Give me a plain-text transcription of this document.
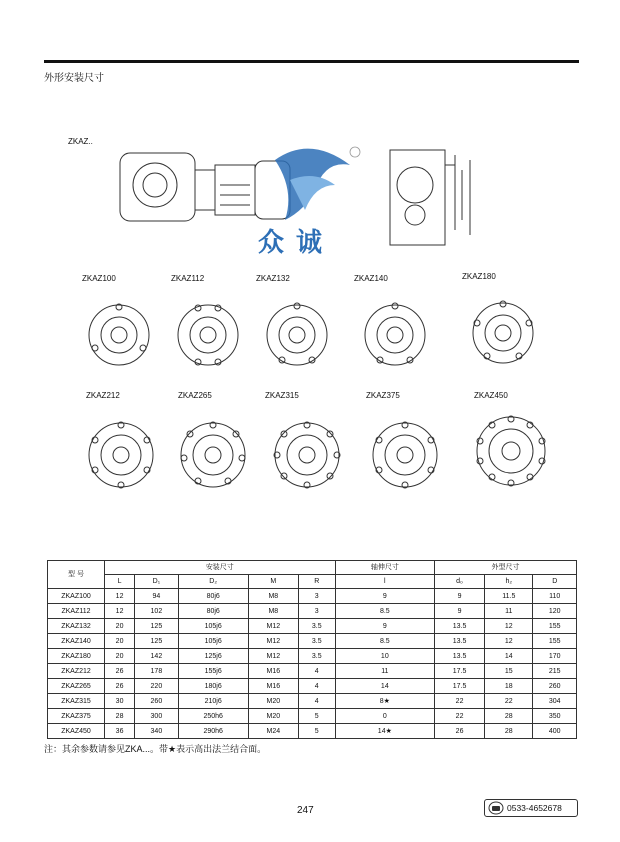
外形安装尺寸
ZKAZ..
众诚
ZKAZ100	ZKAZ112	ZKAZ132	ZKAZ140	ZKAZ180
ZKAZ212	ZKAZ265	ZKAZ315	ZKAZ375	ZKAZ450
型 号	安装尺寸					轴伸尺寸	外型尺寸		
	L	D₁	D₂	M	R	l	d₀	h₂	D
ZKAZ100	12	94	80j6	M8	3	9	9	11.5	110
ZKAZ112	12	102	80j6	M8	3	8.5	9	11	120
ZKAZ132	20	125	105j6	M12	3.5	9	13.5	12	155
ZKAZ140	20	125	105j6	M12	3.5	8.5	13.5	12	155
ZKAZ180	20	142	125j6	M12	3.5	10	13.5	14	170
ZKAZ212	26	178	155j6	M16	4	11	17.5	15	215
ZKAZ265	26	220	180j6	M16	4	14	17.5	18	260
ZKAZ315	30	260	210j6	M20	4	8★	22	22	304
ZKAZ375	28	300	250h6	M20	5	0	22	28	350
ZKAZ450	36	340	290h6	M24	5	14★	26	28	400
注：其余参数请参见ZKA...。带★表示高出法兰结合面。
247	0533-4652678
